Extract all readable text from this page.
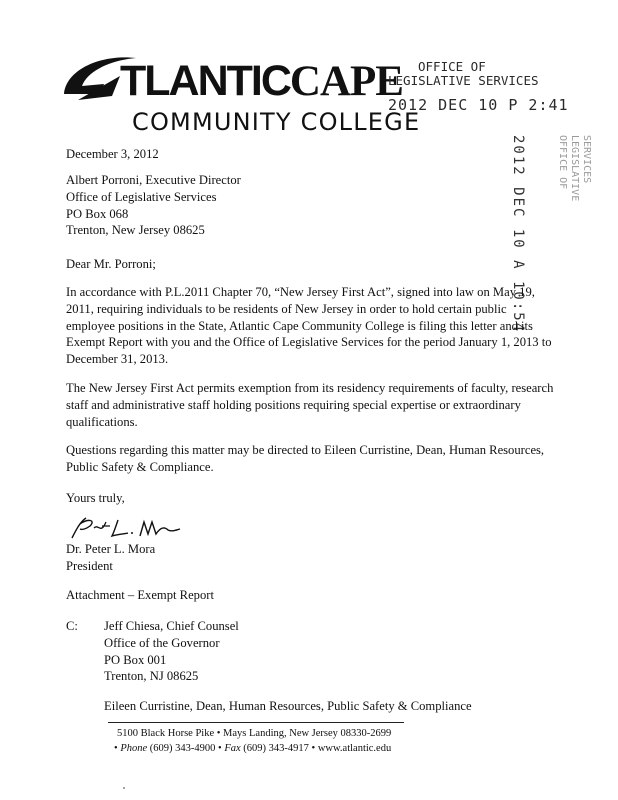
TLANTICCAPE
COMMUNITY COLLEGE
OFFICE OF
LEGISLATIVE SERVICES
2012 DEC 10 P 2:41
2012 DEC 10 A 10:54	OFFICE OF LEGISLATIVE SERVICES
December 3, 2012
Albert Porroni, Executive Director
Office of Legislative Services
PO Box 068
Trenton, New Jersey 08625
Dear Mr. Porroni;
In accordance with P.L.2011 Chapter 70, “New Jersey First Act”, signed into law on May 19,
2011, requiring individuals to be residents of New Jersey in order to hold certain public
employee positions in the State, Atlantic Cape Community College is filing this letter and its
Exempt Report with you and the Office of Legislative Services for the period January 1, 2013 to
December 31, 2013.
The New Jersey First Act permits exemption from its residency requirements of faculty, research
staff and administrative staff holding positions requiring special expertise or extraordinary
qualifications.
Questions regarding this matter may be directed to Eileen Curristine, Dean, Human Resources,
Public Safety & Compliance.
Yours truly,
Dr. Peter L. Mora
President
Attachment – Exempt Report
C:	Jeff Chiesa, Chief Counsel
Office of the Governor
PO Box 001
Trenton, NJ 08625
Eileen Curristine, Dean, Human Resources, Public Safety & Compliance
5100 Black Horse Pike • Mays Landing, New Jersey 08330-2699
• Phone (609) 343-4900 • Fax (609) 343-4917 • www.atlantic.edu
